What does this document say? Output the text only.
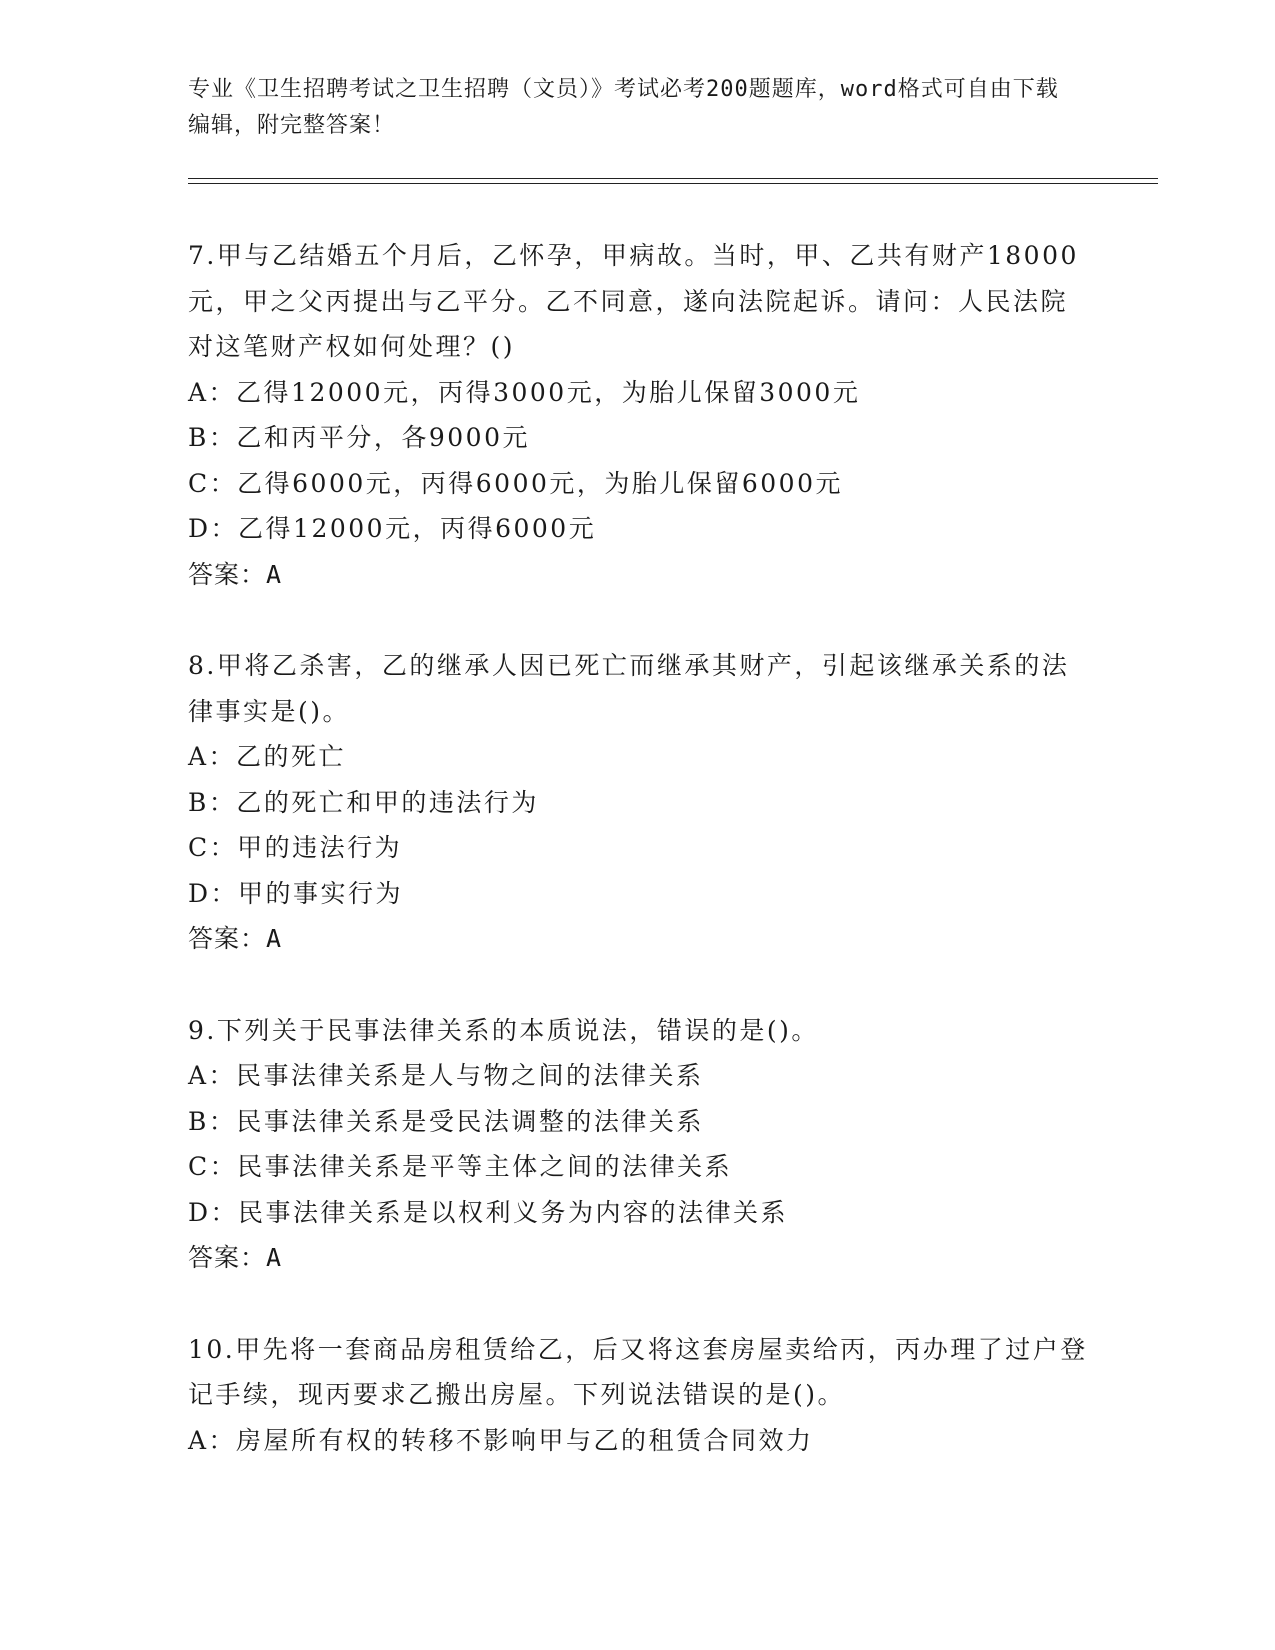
专业《卫生招聘考试之卫生招聘（文员）》考试必考200题题库，word格式可自由下载编辑，附完整答案！

7.甲与乙结婚五个月后，乙怀孕，甲病故。当时，甲、乙共有财产18000元，甲之父丙提出与乙平分。乙不同意，遂向法院起诉。请问：人民法院对这笔财产权如何处理？()

A：乙得12000元，丙得3000元，为胎儿保留3000元

B：乙和丙平分，各9000元

C：乙得6000元，丙得6000元，为胎儿保留6000元

D：乙得12000元，丙得6000元

答案：A

8.甲将乙杀害，乙的继承人因已死亡而继承其财产，引起该继承关系的法律事实是()。

A：乙的死亡

B：乙的死亡和甲的违法行为

C：甲的违法行为

D：甲的事实行为

答案：A

9.下列关于民事法律关系的本质说法，错误的是()。

A：民事法律关系是人与物之间的法律关系

B：民事法律关系是受民法调整的法律关系

C：民事法律关系是平等主体之间的法律关系

D：民事法律关系是以权利义务为内容的法律关系

答案：A

10.甲先将一套商品房租赁给乙，后又将这套房屋卖给丙，丙办理了过户登记手续，现丙要求乙搬出房屋。下列说法错误的是()。

A：房屋所有权的转移不影响甲与乙的租赁合同效力
